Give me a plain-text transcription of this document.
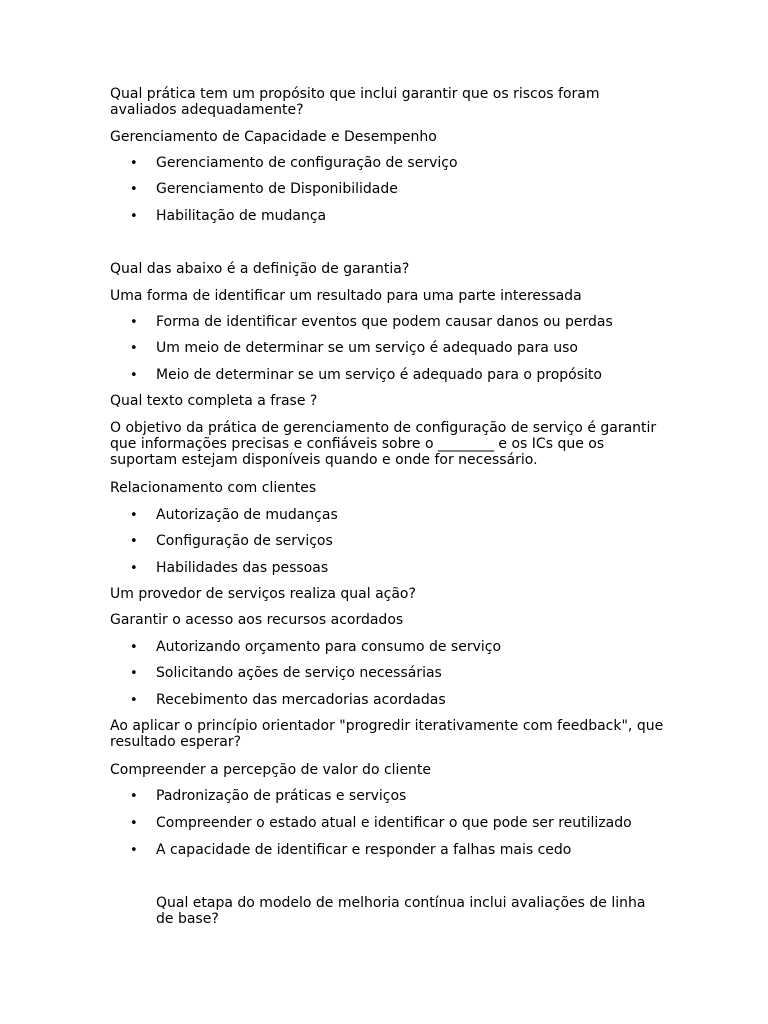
Qual prática tem um propósito que inclui garantir que os riscos foram avaliados adequadamente?

Gerenciamento de Capacidade e Desempenho

• Gerenciamento de configuração de serviço
• Gerenciamento de Disponibilidade
• Habilitação de mudança

Qual das abaixo é a definição de garantia?

Uma forma de identificar um resultado para uma parte interessada

• Forma de identificar eventos que podem causar danos ou perdas
• Um meio de determinar se um serviço é adequado para uso
• Meio de determinar se um serviço é adequado para o propósito

Qual texto completa a frase ?

O objetivo da prática de gerenciamento de configuração de serviço é garantir que informações precisas e confiáveis sobre o ________ e os ICs que os suportam estejam disponíveis quando e onde for necessário.

Relacionamento com clientes

• Autorização de mudanças
• Configuração de serviços
• Habilidades das pessoas

Um provedor de serviços realiza qual ação?

Garantir o acesso aos recursos acordados

• Autorizando orçamento para consumo de serviço
• Solicitando ações de serviço necessárias
• Recebimento das mercadorias acordadas

Ao aplicar o princípio orientador "progredir iterativamente com feedback", que resultado esperar?

Compreender a percepção de valor do cliente

• Padronização de práticas e serviços
• Compreender o estado atual e identificar o que pode ser reutilizado
• A capacidade de identificar e responder a falhas mais cedo

Qual etapa do modelo de melhoria contínua inclui avaliações de linha de base?
